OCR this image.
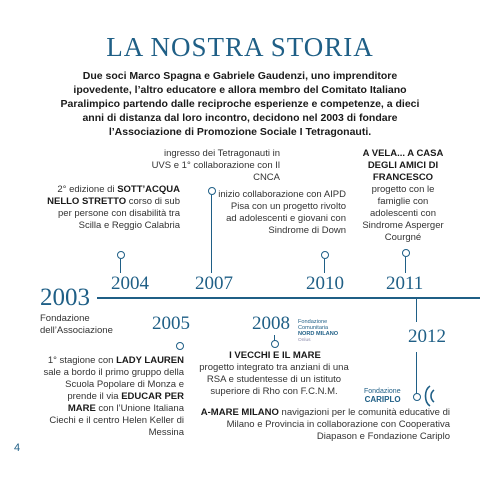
LA NOSTRA STORIA
Due soci Marco Spagna e Gabriele Gaudenzi, uno imprenditore ipovedente, l’altro educatore e allora membro del Comitato Italiano Paralimpico partendo dalle reciproche esperienze e competenze, a dieci anni di distanza dal loro incontro, decidono nel 2003 di fondare l’Associazione di Promozione Sociale I Tetragonauti.
2003
Fondazione dell’Associazione
2° edizione di SOTT’ACQUA NELLO STRETTO corso di sub per persone con disabilità tra Scilla e Reggio Calabria
2004
2005
1° stagione con LADY LAUREN sale a bordo il primo gruppo della Scuola Popolare di Monza e prende il via EDUCAR PER MARE con l’Unione Italiana Ciechi e il centro Helen Keller di Messina
ingresso dei Tetragonauti in UVS e 1° collaborazione con Il CNCA
2007
2008 Fondazione
Comunitaria
NORD MILANO
Onlus
I VECCHI E IL MARE
progetto integrato tra anziani di una RSA e studentesse di un istituto superiore di Rho con F.C.N.M.
inizio collaborazione con AIPD Pisa con un progetto rivolto ad adolescenti e giovani con Sindrome di Down
2010
A VELA... A CASA DEGLI AMICI DI FRANCESCO
progetto con le famiglie con adolescenti con Sindrome Asperger Courgné
2011
2012
Fondazione
CARIPLO
A-MARE MILANO navigazioni per le comunità educative di Milano e Provincia in collaborazione con Cooperativa Diapason e Fondazione Cariplo
4
